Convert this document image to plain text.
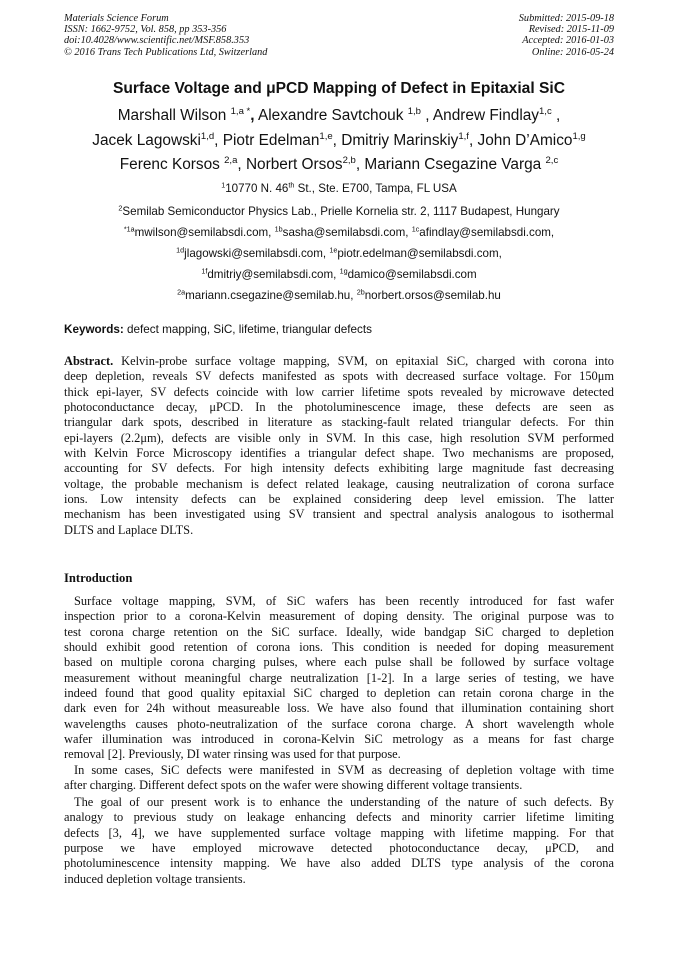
Materials Science Forum
ISSN: 1662-9752, Vol. 858, pp 353-356
doi:10.4028/www.scientific.net/MSF.858.353
© 2016 Trans Tech Publications Ltd, Switzerland
Submitted: 2015-09-18
Revised: 2015-11-09
Accepted: 2016-01-03
Online: 2016-05-24
Surface Voltage and μPCD Mapping of Defect in Epitaxial SiC
Marshall Wilson $^{1,a *}$, Alexandre Savtchouk $^{1,b}$ , Andrew Findlay$^{1,c}$ ,
Jacek Lagowski$^{1,d}$, Piotr Edelman$^{1,e}$, Dmitriy Marinskiy$^{1,f}$, John D’Amico$^{1,g}$
Ferenc Korsos $^{2,a}$, Norbert Orsos$^{2,b}$, Mariann Csegazine Varga $^{2,c}$
$^1$10770 N. 46th St., Ste. E700, Tampa, FL USA
$^2$Semilab Semiconductor Physics Lab., Prielle Kornelia str. 2, 1117 Budapest, Hungary
$^{*1a}$mwilson@semilabsdi.com, $^{1b}$sasha@semilabsdi.com, $^{1c}$afindlay@semilabsdi.com,
$^{1d}$jlagowski@semilabsdi.com, $^{1e}$piotr.edelman@semilabsdi.com,
$^{1f}$dmitriy@semilabsdi.com, $^{1g}$damico@semilabsdi.com
$^{2a}$mariann.csegazine@semilab.hu, $^{2b}$norbert.orsos@semilab.hu
Keywords: defect mapping, SiC, lifetime, triangular defects
Abstract. Kelvin-probe surface voltage mapping, SVM, on epitaxial SiC, charged with corona into
deep depletion, reveals SV defects manifested as spots with decreased surface voltage. For 150μm
thick epi-layer, SV defects coincide with low carrier lifetime spots revealed by microwave detected
photoconductance decay, μPCD. In the photoluminescence image, these defects are seen as
triangular dark spots, described in literature as stacking-fault related triangular defects. For thin
epi-layers (2.2μm), defects are visible only in SVM. In this case, high resolution SVM performed
with Kelvin Force Microscopy identifies a triangular defect shape. Two mechanisms are proposed,
accounting for SV defects. For high intensity defects exhibiting large magnitude fast decreasing
voltage, the probable mechanism is defect related leakage, causing neutralization of corona surface
ions. Low intensity defects can be explained considering deep level emission. The latter
mechanism has been investigated using SV transient and spectral analysis analogous to isothermal
DLTS and Laplace DLTS.
Introduction
Surface voltage mapping, SVM, of SiC wafers has been recently introduced for fast wafer
inspection prior to a corona-Kelvin measurement of doping density. The original purpose was to
test corona charge retention on the SiC surface. Ideally, wide bandgap SiC charged to depletion
should exhibit good retention of corona ions. This condition is needed for doping measurement
based on multiple corona charging pulses, where each pulse shall be followed by surface voltage
measurement without meaningful charge neutralization [1-2]. In a large series of testing, we have
indeed found that good quality epitaxial SiC charged to depletion can retain corona charge in the
dark even for 24h without measureable loss. We have also found that illumination containing short
wavelengths causes photo-neutralization of the surface corona charge. A short wavelength whole
wafer illumination was introduced in corona-Kelvin SiC metrology as a means for fast charge
removal [2]. Previously, DI water rinsing was used for that purpose.
In some cases, SiC defects were manifested in SVM as decreasing of depletion voltage with time
after charging. Different defect spots on the wafer were showing different voltage transients.
The goal of our present work is to enhance the understanding of the nature of such defects. By
analogy to previous study on leakage enhancing defects and minority carrier lifetime limiting
defects [3, 4], we have supplemented surface voltage mapping with lifetime mapping. For that
purpose we have employed microwave detected photoconductance decay, μPCD, and
photoluminescence intensity mapping. We have also added DLTS type analysis of the corona
induced depletion voltage transients.
